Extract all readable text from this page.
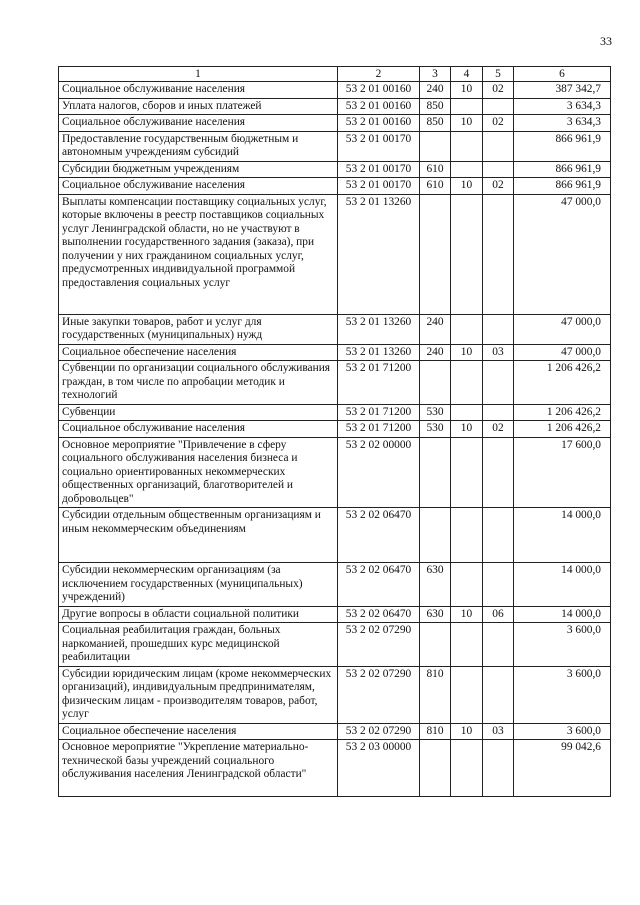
33
1	2	3	4	5	6
Социальное обслуживание населения	53 2 01 00160	240	10	02	387 342,7
Уплата налогов, сборов и иных платежей	53 2 01 00160	850			3 634,3
Социальное обслуживание населения	53 2 01 00160	850	10	02	3 634,3
Предоставление государственным бюджетным и автономным учреждениям субсидий	53 2 01 00170				866 961,9
Субсидии бюджетным учреждениям	53 2 01 00170	610			866 961,9
Социальное обслуживание населения	53 2 01 00170	610	10	02	866 961,9
Выплаты компенсации поставщику социальных услуг, которые включены в реестр поставщиков социальных услуг Ленинградской области, но не участвуют в выполнении государственного задания (заказа), при получении у них гражданином социальных услуг, предусмотренных индивидуальной программой предоставления социальных услуг	53 2 01 13260				47 000,0
Иные закупки товаров, работ и услуг для государственных (муниципальных) нужд	53 2 01 13260	240			47 000,0
Социальное обеспечение населения	53 2 01 13260	240	10	03	47 000,0
Субвенции по организации социального обслуживания граждан, в том числе по апробации методик и технологий	53 2 01 71200				1 206 426,2
Субвенции	53 2 01 71200	530			1 206 426,2
Социальное обслуживание населения	53 2 01 71200	530	10	02	1 206 426,2
Основное мероприятие "Привлечение в сферу социального обслуживания населения бизнеса и социально ориентированных некоммерческих общественных организаций, благотворителей и добровольцев"	53 2 02 00000				17 600,0
Субсидии отдельным общественным организациям и иным некоммерческим объединениям	53 2 02 06470				14 000,0
Субсидии некоммерческим организациям (за исключением государственных (муниципальных) учреждений)	53 2 02 06470	630			14 000,0
Другие вопросы в области социальной политики	53 2 02 06470	630	10	06	14 000,0
Социальная реабилитация граждан, больных наркоманией, прошедших курс медицинской реабилитации	53 2 02 07290				3 600,0
Субсидии юридическим лицам (кроме некоммерческих организаций), индивидуальным предпринимателям, физическим лицам - производителям товаров, работ, услуг	53 2 02 07290	810			3 600,0
Социальное обеспечение населения	53 2 02 07290	810	10	03	3 600,0
Основное мероприятие "Укрепление материально-технической базы учреждений социального обслуживания населения Ленинградской области"	53 2 03 00000				99 042,6
